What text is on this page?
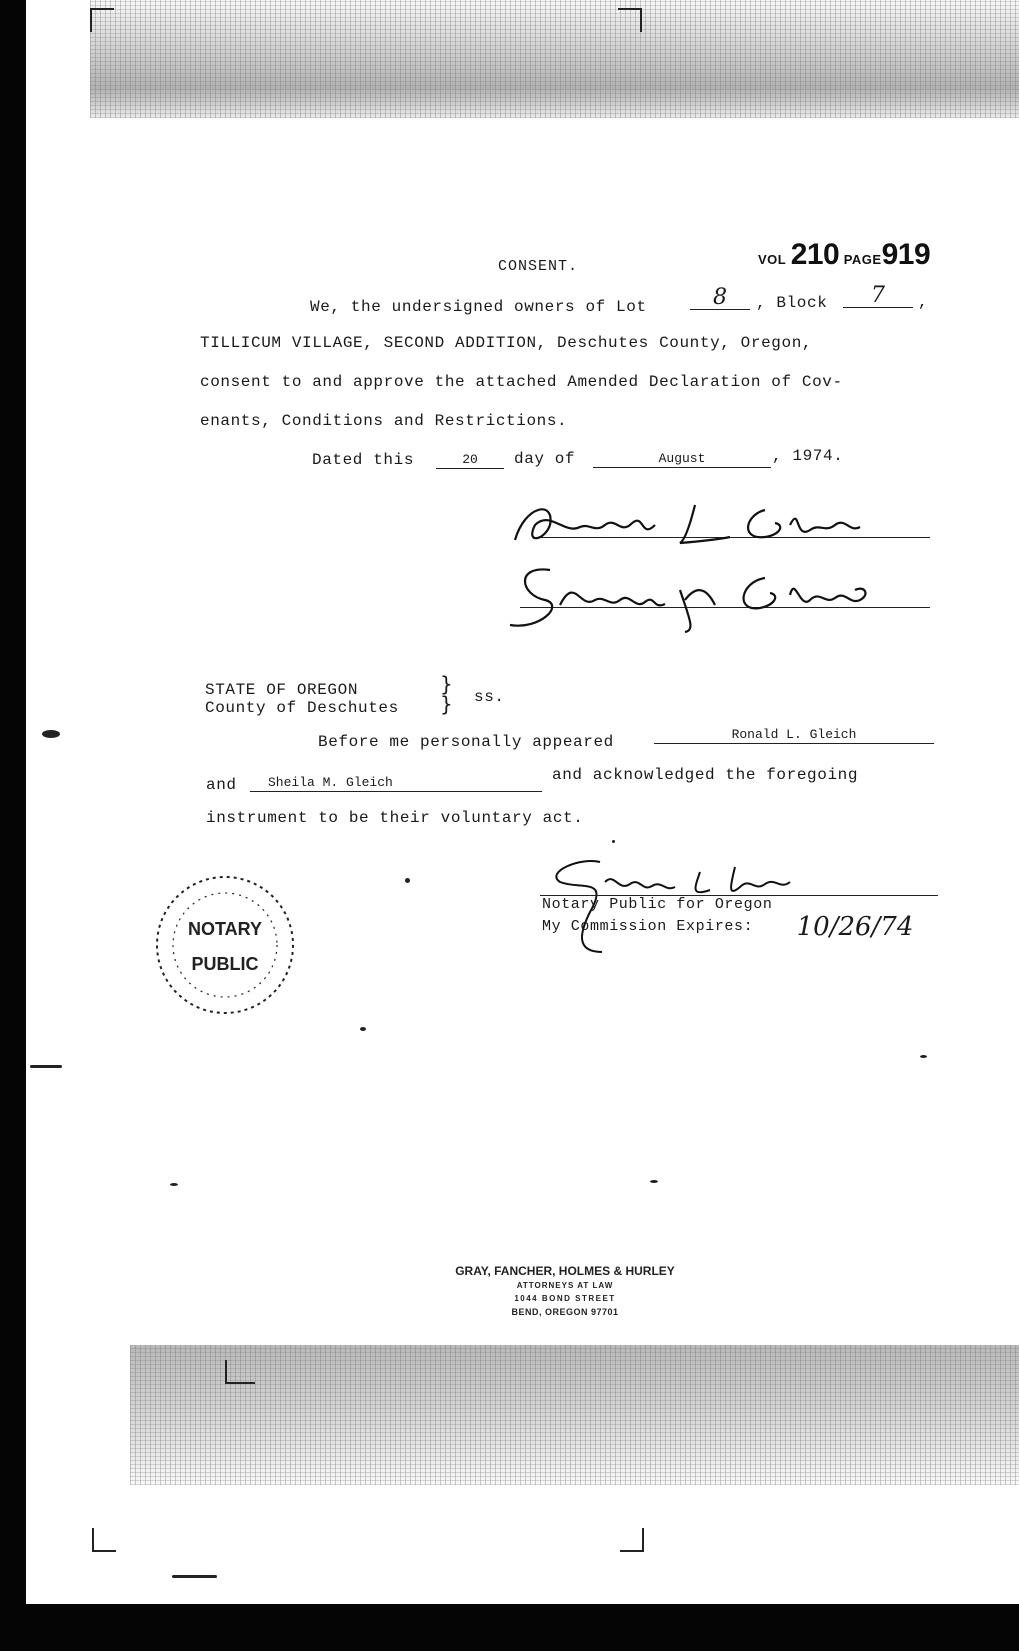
CONSENT.	VOL 210 PAGE919
We, the undersigned owners of Lot	8	, Block	7	,
TILLICUM VILLAGE, SECOND ADDITION, Deschutes County, Oregon,
consent to and approve the attached Amended Declaration of Cov-
enants, Conditions and Restrictions.
Dated this	20	day of	August	, 1974.
STATE OF OREGON
County of Deschutes
}
} ss.
Before me personally appeared	Ronald L. Gleich
and	Sheila M. Gleich	and acknowledged the foregoing
instrument to be their voluntary act.
Notary Public for Oregon
My Commission Expires: 10/26/74
NOTARY
PUBLIC
GRAY, FANCHER, HOLMES & HURLEY
ATTORNEYS AT LAW
1044 BOND STREET
BEND, OREGON 97701
